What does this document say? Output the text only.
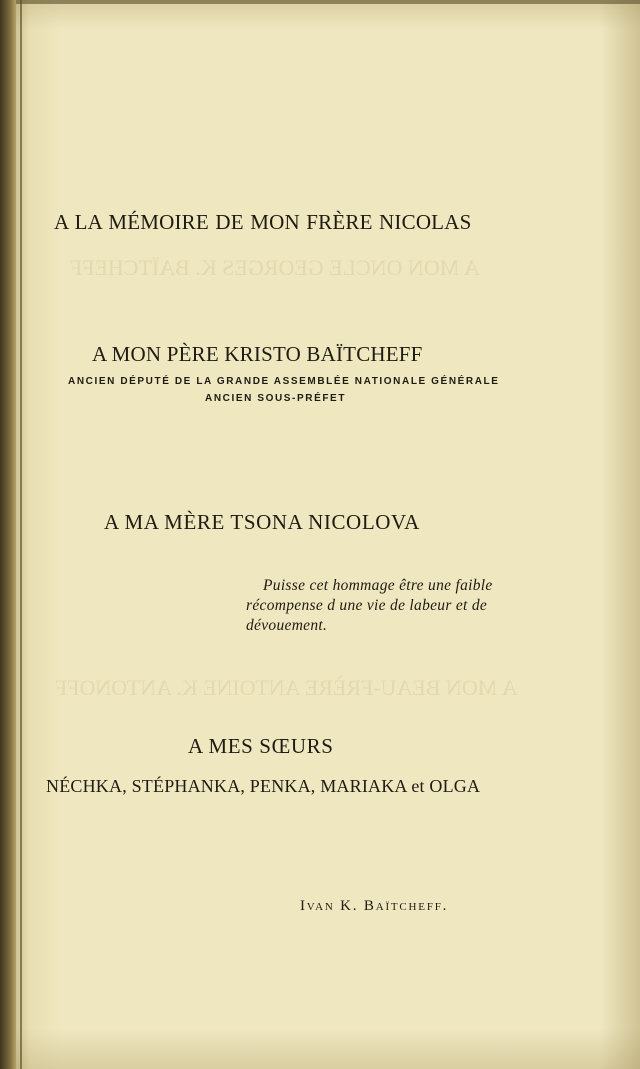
A MON ONCLE GEORGES K. BAÏTCHEFF
A MON BEAU-FRÈRE ANTOINE K. ANTONOFF
A LA MÉMOIRE DE MON FRÈRE NICOLAS
A MON PÈRE KRISTO BAÏTCHEFF
ANCIEN DÉPUTÉ DE LA GRANDE ASSEMBLÉE NATIONALE GÉNÉRALE
ANCIEN SOUS-PRÉFET
A MA MÈRE TSONA NICOLOVA
Puisse cet hommage être une faible
récompense d une vie de labeur et de
dévouement.
A MES SŒURS
NÉCHKA, STÉPHANKA, PENKA, MARIAKA et OLGA
Ivan K. Baïtcheff.
